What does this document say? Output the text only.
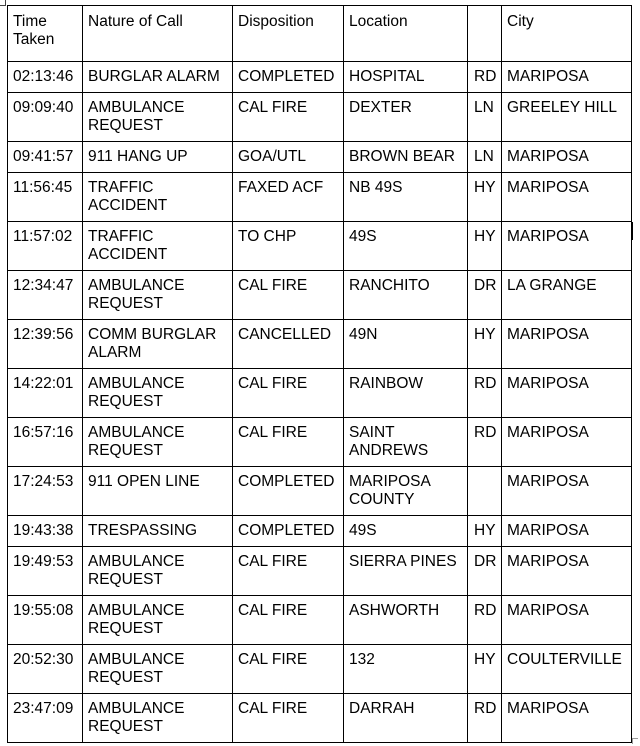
Time Taken	Nature of Call	Disposition	Location		City
02:13:46	BURGLAR ALARM	COMPLETED	HOSPITAL	RD	MARIPOSA
09:09:40	AMBULANCE REQUEST	CAL FIRE	DEXTER	LN	GREELEY HILL
09:41:57	911 HANG UP	GOA/UTL	BROWN BEAR	LN	MARIPOSA
11:56:45	TRAFFIC ACCIDENT	FAXED ACF	NB 49S	HY	MARIPOSA
11:57:02	TRAFFIC ACCIDENT	TO CHP	49S	HY	MARIPOSA
12:34:47	AMBULANCE REQUEST	CAL FIRE	RANCHITO	DR	LA GRANGE
12:39:56	COMM BURGLAR ALARM	CANCELLED	49N	HY	MARIPOSA
14:22:01	AMBULANCE REQUEST	CAL FIRE	RAINBOW	RD	MARIPOSA
16:57:16	AMBULANCE REQUEST	CAL FIRE	SAINT ANDREWS	RD	MARIPOSA
17:24:53	911 OPEN LINE	COMPLETED	MARIPOSA COUNTY		MARIPOSA
19:43:38	TRESPASSING	COMPLETED	49S	HY	MARIPOSA
19:49:53	AMBULANCE REQUEST	CAL FIRE	SIERRA PINES	DR	MARIPOSA
19:55:08	AMBULANCE REQUEST	CAL FIRE	ASHWORTH	RD	MARIPOSA
20:52:30	AMBULANCE REQUEST	CAL FIRE	132	HY	COULTERVILLE
23:47:09	AMBULANCE REQUEST	CAL FIRE	DARRAH	RD	MARIPOSA
